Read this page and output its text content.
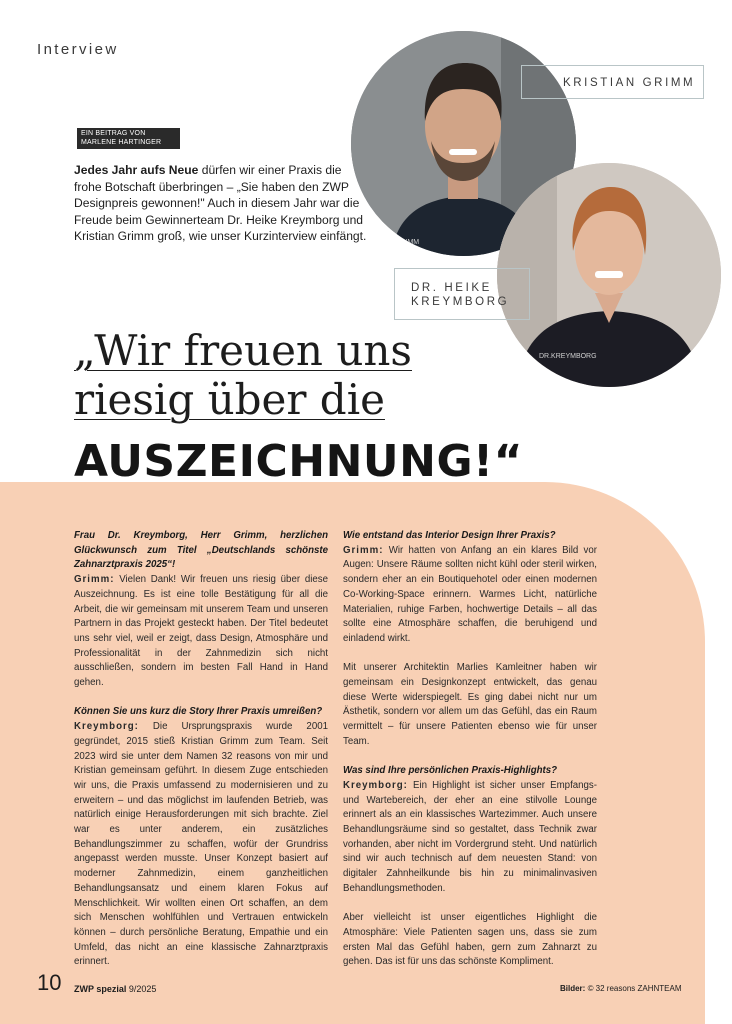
Interview
GRIMM
KRISTIAN GRIMM
EIN BEITRAG VON MARLENE HARTINGER

Jedes Jahr aufs Neue dürfen wir einer Praxis die frohe Botschaft überbringen – „Sie haben den ZWP Designpreis gewonnen!" Auch in diesem Jahr war die Freude beim Gewinnerteam Dr. Heike Kreymborg und Kristian Grimm groß, wie unser Kurzinterview einfängt.

DR.KREYMBORG
DR. HEIKE KREYMBORG
„Wir freuen uns
riesig über die
AUSZEICHNUNG!“
Frau Dr. Kreymborg, Herr Grimm, herzlichen Glückwunsch zum Titel „Deutschlands schönste Zahnarztpraxis 2025“!
Grimm: Vielen Dank! Wir freuen uns riesig über diese Auszeichnung. Es ist eine tolle Bestätigung für all die Arbeit, die wir gemeinsam mit unserem Team und unseren Partnern in das Projekt gesteckt haben. Der Titel bedeutet uns sehr viel, weil er zeigt, dass Design, Atmosphäre und Professionalität in der Zahnmedizin sich nicht ausschließen, sondern im besten Fall Hand in Hand gehen.
Können Sie uns kurz die Story Ihrer Praxis umreißen?
Kreymborg: Die Ursprungspraxis wurde 2001 gegründet, 2015 stieß Kristian Grimm zum Team. Seit 2023 wird sie unter dem Namen 32 reasons von mir und Kristian gemeinsam geführt. In diesem Zuge entschieden wir uns, die Praxis umfassend zu modernisieren und zu erweitern – und das möglichst im laufenden Betrieb, was natürlich einige Herausforderungen mit sich brachte. Ziel war es unter anderem, ein zusätzliches Behandlungszimmer zu schaffen, wofür der Grundriss angepasst werden musste. Unser Konzept basiert auf moderner Zahnmedizin, einem ganzheitlichen Behandlungsansatz und einem klaren Fokus auf Menschlichkeit. Wir wollten einen Ort schaffen, an dem sich Menschen wohlfühlen und Vertrauen entwickeln können – durch persönliche Beratung, Empathie und ein Umfeld, das nicht an eine klassische Zahnarztpraxis erinnert.
Wie entstand das Interior Design Ihrer Praxis?
Grimm: Wir hatten von Anfang an ein klares Bild vor Augen: Unsere Räume sollten nicht kühl oder steril wirken, sondern eher an ein Boutiquehotel oder einen modernen Co-Working-Space erinnern. Warmes Licht, natürliche Materialien, ruhige Farben, hochwertige Details – all das sollte eine Atmosphäre schaffen, die beruhigend und einladend wirkt.
Mit unserer Architektin Marlies Kamleitner haben wir gemeinsam ein Designkonzept entwickelt, das genau diese Werte widerspiegelt. Es ging dabei nicht nur um Ästhetik, sondern vor allem um das Gefühl, das ein Raum vermittelt – für unsere Patienten ebenso wie für unser Team.
Was sind Ihre persönlichen Praxis-Highlights?
Kreymborg: Ein Highlight ist sicher unser Empfangs- und Wartebereich, der eher an eine stilvolle Lounge erinnert als an ein klassisches Wartezimmer. Auch unsere Behandlungsräume sind so gestaltet, dass Technik zwar vorhanden, aber nicht im Vordergrund steht. Und natürlich sind wir auch technisch auf dem neuesten Stand: von digitaler Zahnheilkunde bis hin zu minimalinvasiven Behandlungsmethoden.
Aber vielleicht ist unser eigentliches Highlight die Atmosphäre: Viele Patienten sagen uns, dass sie zum ersten Mal das Gefühl haben, gern zum Zahnarzt zu gehen. Das ist für uns das schönste Kompliment.
10 ZWP spezial 9/2025	Bilder: © 32 reasons ZAHNTEAM
